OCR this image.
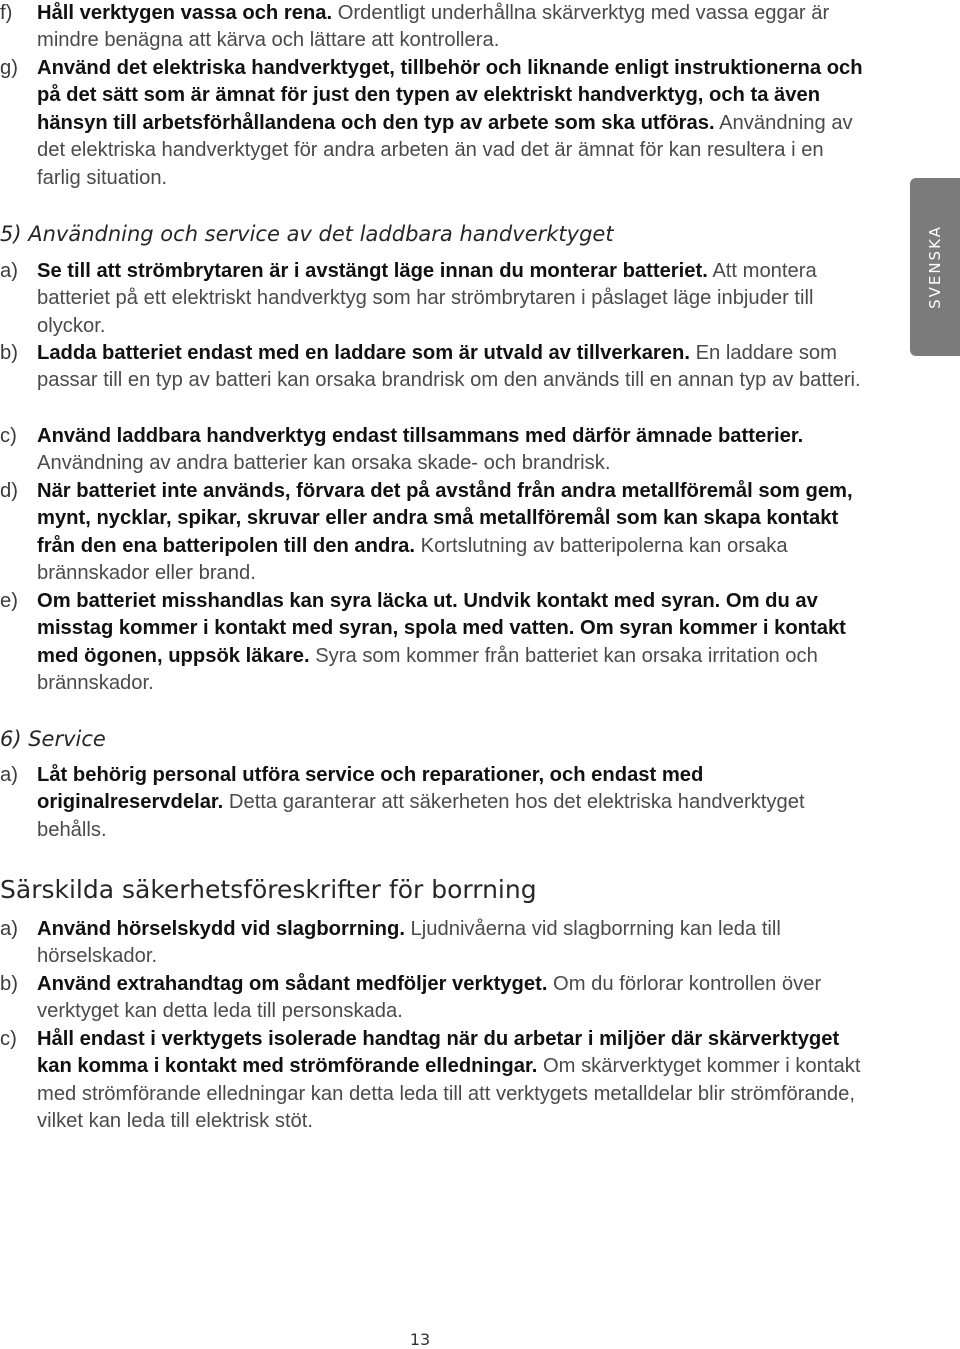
f)	Håll verktygen vassa och rena. Ordentligt underhållna skärverktyg med vassa eggar är mindre benägna att kärva och lättare att kontrollera.
g) Använd det elektriska handverktyget, tillbehör och liknande enligt instruktionerna och på det sätt som är ämnat för just den typen av elektriskt handverktyg, och ta även hänsyn till arbetsförhållandena och den typ av arbete som ska utföras. Användning av det elektriska handverktyget för andra arbeten än vad det är ämnat för kan resultera i en farlig situation.
5) Användning och service av det laddbara handverktyget
a) Se till att strömbrytaren är i avstängt läge innan du monterar batteriet. Att montera batteriet på ett elektriskt handverktyg som har strömbrytaren i påslaget läge inbjuder till olyckor.
b) Ladda batteriet endast med en laddare som är utvald av tillverkaren. En laddare som passar till en typ av batteri kan orsaka brandrisk om den används till en annan typ av batteri.
c) Använd laddbara handverktyg endast tillsammans med därför ämnade batterier. Användning av andra batterier kan orsaka skade- och brandrisk.
d) När batteriet inte används, förvara det på avstånd från andra metallföremål som gem, mynt, nycklar, spikar, skruvar eller andra små metallföremål som kan skapa kontakt från den ena batteripolen till den andra. Kortslutning av batteripolerna kan orsaka brännskador eller brand.
e) Om batteriet misshandlas kan syra läcka ut. Undvik kontakt med syran. Om du av misstag kommer i kontakt med syran, spola med vatten. Om syran kommer i kontakt med ögonen, uppsök läkare. Syra som kommer från batteriet kan orsaka irritation och brännskador.
6) Service
a) Låt behörig personal utföra service och reparationer, och endast med originalreservdelar. Detta garanterar att säkerheten hos det elektriska handverktyget behålls.
Särskilda säkerhetsföreskrifter för borrning
a) Använd hörselskydd vid slagborrning. Ljudnivåerna vid slagborrning kan leda till hörselskador.
b) Använd extrahandtag om sådant medföljer verktyget. Om du förlorar kontrollen över verktyget kan detta leda till personskada.
c) Håll endast i verktygets isolerade handtag när du arbetar i miljöer där skärverktyget kan komma i kontakt med strömförande elledningar. Om skärverktyget kommer i kontakt med strömförande elledningar kan detta leda till att verktygets metalldelar blir strömförande, vilket kan leda till elektrisk stöt.
SVENSKA
13
